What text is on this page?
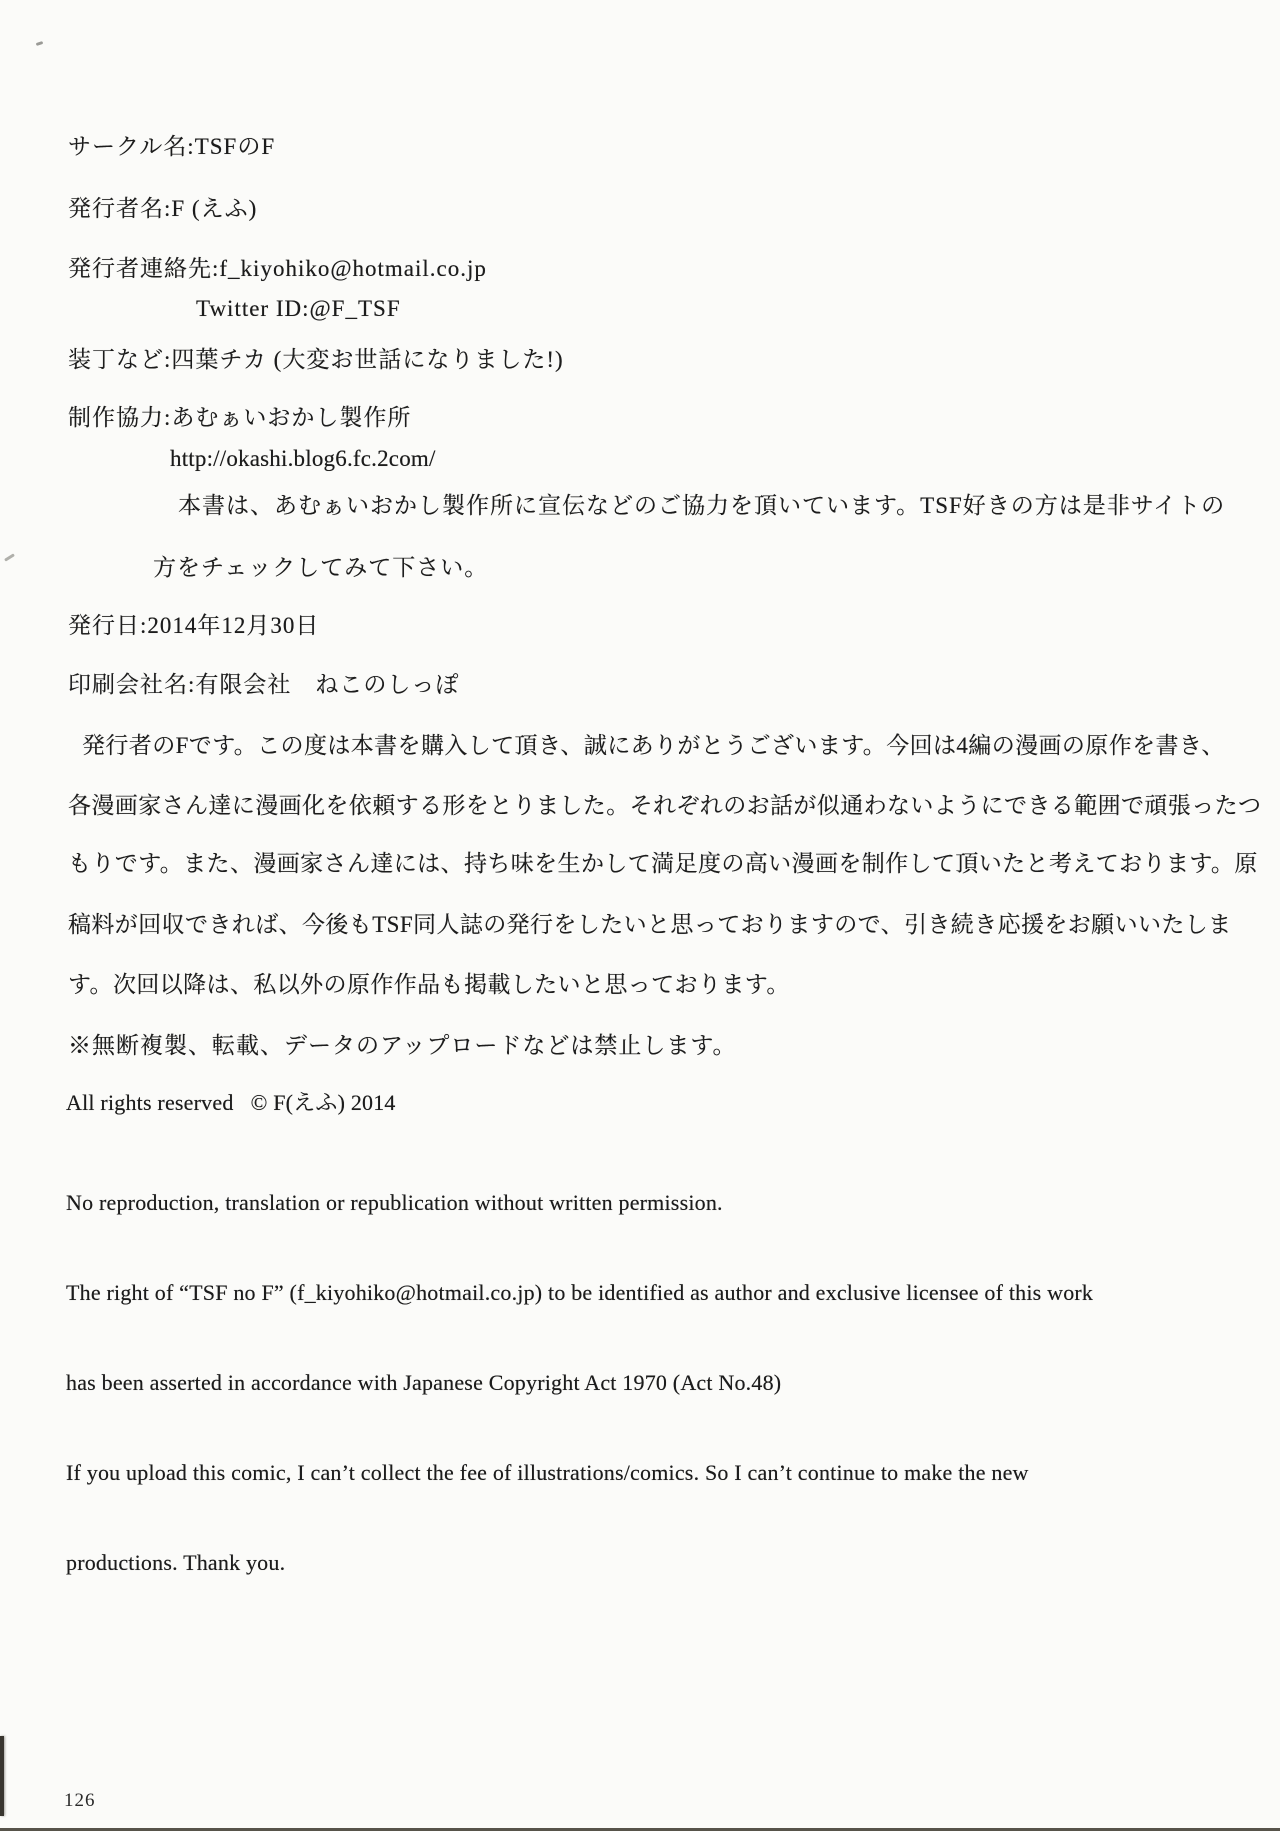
サークル名:TSFのF
発行者名:F (えふ)
発行者連絡先:f_kiyohiko@hotmail.co.jp
Twitter ID:@F_TSF
装丁など:四葉チカ (大変お世話になりました!)
制作協力:あむぁいおかし製作所
http://okashi.blog6.fc.2com/
本書は、あむぁいおかし製作所に宣伝などのご協力を頂いています。TSF好きの方は是非サイトの
方をチェックしてみて下さい。
発行日:2014年12月30日
印刷会社名:有限会社　ねこのしっぽ
発行者のFです。この度は本書を購入して頂き、誠にありがとうございます。今回は4編の漫画の原作を書き、
各漫画家さん達に漫画化を依頼する形をとりました。それぞれのお話が似通わないようにできる範囲で頑張ったつ
もりです。また、漫画家さん達には、持ち味を生かして満足度の高い漫画を制作して頂いたと考えております。原
稿料が回収できれば、今後もTSF同人誌の発行をしたいと思っておりますので、引き続き応援をお願いいたしま
す。次回以降は、私以外の原作作品も掲載したいと思っております。
※無断複製、転載、データのアップロードなどは禁止します。
All rights reserved   © F(えふ) 2014

No reproduction, translation or republication without written permission.

The right of “TSF no F” (f_kiyohiko@hotmail.co.jp) to be identified as author and exclusive licensee of this work

has been asserted in accordance with Japanese Copyright Act 1970 (Act No.48)

If you upload this comic, I can’t collect the fee of illustrations/comics. So I can’t continue to make the new

productions. Thank you.

126
